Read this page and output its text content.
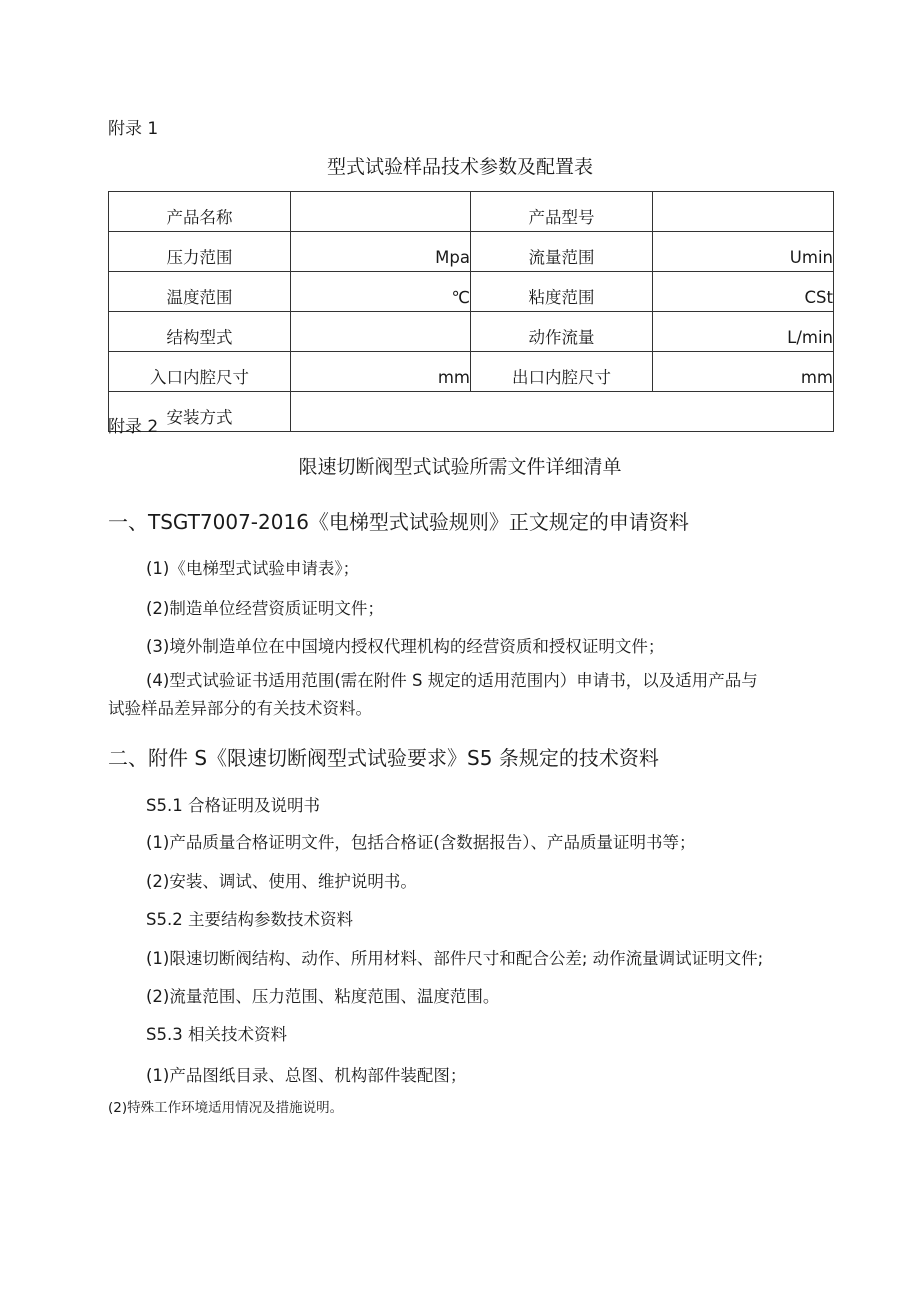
附录 1
型式试验样品技术参数及配置表
产品名称		产品型号	
压力范围	Mpa	流量范围	Umin
温度范围	℃	粘度范围	CSt
结构型式		动作流量	L/min
入口内腔尺寸	mm	出口内腔尺寸	mm
安装方式			
附录 2
限速切断阀型式试验所需文件详细清单
一、TSGT7007-2016《电梯型式试验规则》正文规定的申请资料
(1)《电梯型式试验申请表》；
(2)制造单位经营资质证明文件；
(3)境外制造单位在中国境内授权代理机构的经营资质和授权证明文件；
(4)型式试验证书适用范围(需在附件 S 规定的适用范围内）申请书，以及适用产品与
试验样品差异部分的有关技术资料。
二、附件 S《限速切断阀型式试验要求》S5 条规定的技术资料
S5.1 合格证明及说明书
(1)产品质量合格证明文件，包括合格证(含数据报告）、产品质量证明书等；
(2)安装、调试、使用、维护说明书。
S5.2 主要结构参数技术资料
(1)限速切断阀结构、动作、所用材料、部件尺寸和配合公差; 动作流量调试证明文件;
(2)流量范围、压力范围、粘度范围、温度范围。
S5.3 相关技术资料
(1)产品图纸目录、总图、机构部件装配图；
(2)特殊工作环境适用情况及措施说明。
